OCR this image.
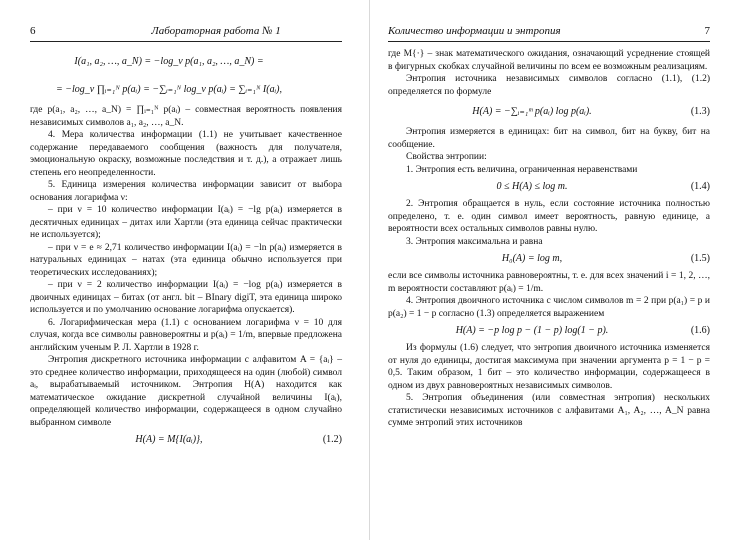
6	Лабораторная работа № 1
I(a₁, a₂, …, a_N) = −log_ν p(a₁, a₂, …, a_N) =
= −log_ν ∏ᵢ₌₁ᴺ p(aᵢ) = −∑ᵢ₌₁ᴺ log_ν p(aᵢ) = ∑ᵢ₌₁ᴺ I(aᵢ),

где p(a₁, a₂, …, a_N) = ∏ᵢ₌₁ᴺ p(aᵢ) – совместная вероятность появления независимых символов a₁, a₂, …, a_N.

4. Мера количества информации (1.1) не учитывает качественное содержание передаваемого сообщения (важность для получателя, эмоциональную окраску, возможные последствия и т. д.), а отражает лишь степень его неопределенности.

5. Единица измерения количества информации зависит от выбора основания логарифма ν:

– при ν = 10 количество информации I(aᵢ) = −lg p(aᵢ) измеряется в десятичных единицах – дитах или Хартли (эта единица сейчас практически не используется);

– при ν = e ≈ 2,71 количество информации I(aᵢ) = −ln p(aᵢ) измеряется в натуральных единицах – натах (эта единица обычно используется при теоретических исследованиях);

– при ν = 2 количество информации I(aᵢ) = −log p(aᵢ) измеряется в двоичных единицах – битах (от англ. bit – BInary digiT, эта единица широко используется и по умолчанию основание логарифма опускается).

6. Логарифмическая мера (1.1) с основанием логарифма ν = 10 для случая, когда все символы равновероятны и p(aᵢ) = 1/m, впервые предложена английским ученым Р. Л. Хартли в 1928 г.

Энтропия дискретного источника информации с алфавитом A = {aᵢ} – это среднее количество информации, приходящееся на один (любой) символ aᵢ, вырабатываемый источником. Энтропия H(A) находится как математическое ожидание дискретной случайной величины I(aᵢ), определяющей количество информации, содержащееся в одном случайно выбранном символе

H(A) = M{I(aᵢ)},	(1.2)
Количество информации и энтропия	7

где M{·} – знак математического ожидания, означающий усреднение стоящей в фигурных скобках случайной величины по всем ее возможным реализациям.

Энтропия источника независимых символов согласно (1.1), (1.2) определяется по формуле

H(A) = −∑ᵢ₌₁ᵐ p(aᵢ) log p(aᵢ).	(1.3)

Энтропия измеряется в единицах: бит на символ, бит на букву, бит на сообщение.

Свойства энтропии:

1. Энтропия есть величина, ограниченная неравенствами

0 ≤ H(A) ≤ log m.	(1.4)

2. Энтропия обращается в нуль, если состояние источника полностью определено, т. е. один символ имеет вероятность, равную единице, а вероятности всех остальных символов равны нулю.

3. Энтропия максимальна и равна

H₀(A) = log m,	(1.5)

если все символы источника равновероятны, т. е. для всех значений i = 1, 2, …, m вероятности составляют p(aᵢ) = 1/m.

4. Энтропия двоичного источника с числом символов m = 2 при p(a₁) = p и p(a₂) = 1 − p согласно (1.3) определяется выражением

H(A) = −p log p − (1 − p) log(1 − p).	(1.6)

Из формулы (1.6) следует, что энтропия двоичного источника изменяется от нуля до единицы, достигая максимума при значении аргумента p = 1 − p = 0,5. Таким образом, 1 бит – это количество информации, содержащееся в одном из двух равновероятных независимых символов.

5. Энтропия объединения (или совместная энтропия) нескольких статистически независимых источников с алфавитами A₁, A₂, …, A_N равна сумме энтропий этих источников
